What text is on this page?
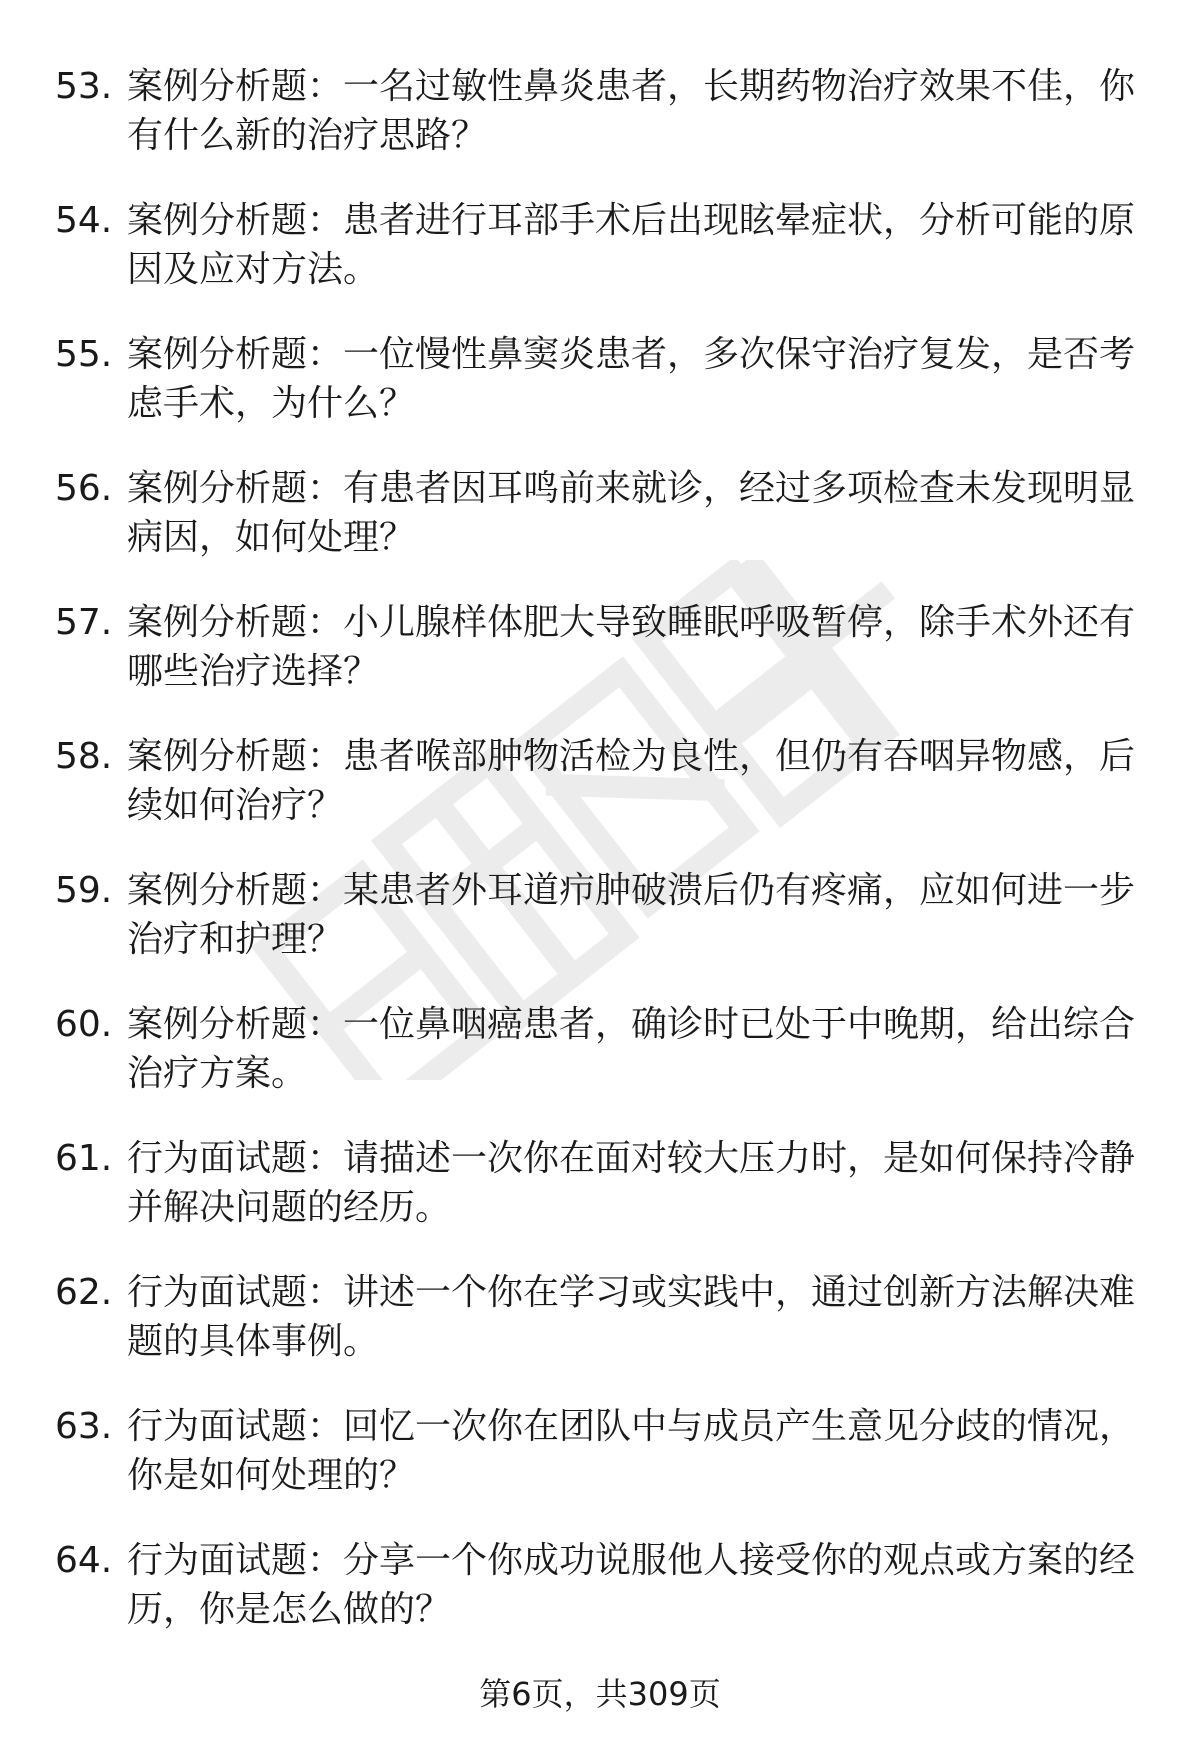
53. 案例分析题：一名过敏性鼻炎患者，长期药物治疗效果不佳，你有什么新的治疗思路？
54. 案例分析题：患者进行耳部手术后出现眩晕症状，分析可能的原因及应对方法。
55. 案例分析题：一位慢性鼻窦炎患者，多次保守治疗复发，是否考虑手术，为什么？
56. 案例分析题：有患者因耳鸣前来就诊，经过多项检查未发现明显病因，如何处理？
57. 案例分析题：小儿腺样体肥大导致睡眠呼吸暂停，除手术外还有哪些治疗选择？
58. 案例分析题：患者喉部肿物活检为良性，但仍有吞咽异物感，后续如何治疗？
59. 案例分析题：某患者外耳道疖肿破溃后仍有疼痛，应如何进一步治疗和护理？
60. 案例分析题：一位鼻咽癌患者，确诊时已处于中晚期，给出综合治疗方案。
61. 行为面试题：请描述一次你在面对较大压力时，是如何保持冷静并解决问题的经历。
62. 行为面试题：讲述一个你在学习或实践中，通过创新方法解决难题的具体事例。
63. 行为面试题：回忆一次你在团队中与成员产生意见分歧的情况，你是如何处理的？
64. 行为面试题：分享一个你成功说服他人接受你的观点或方案的经历，你是怎么做的？
第6页，共309页
